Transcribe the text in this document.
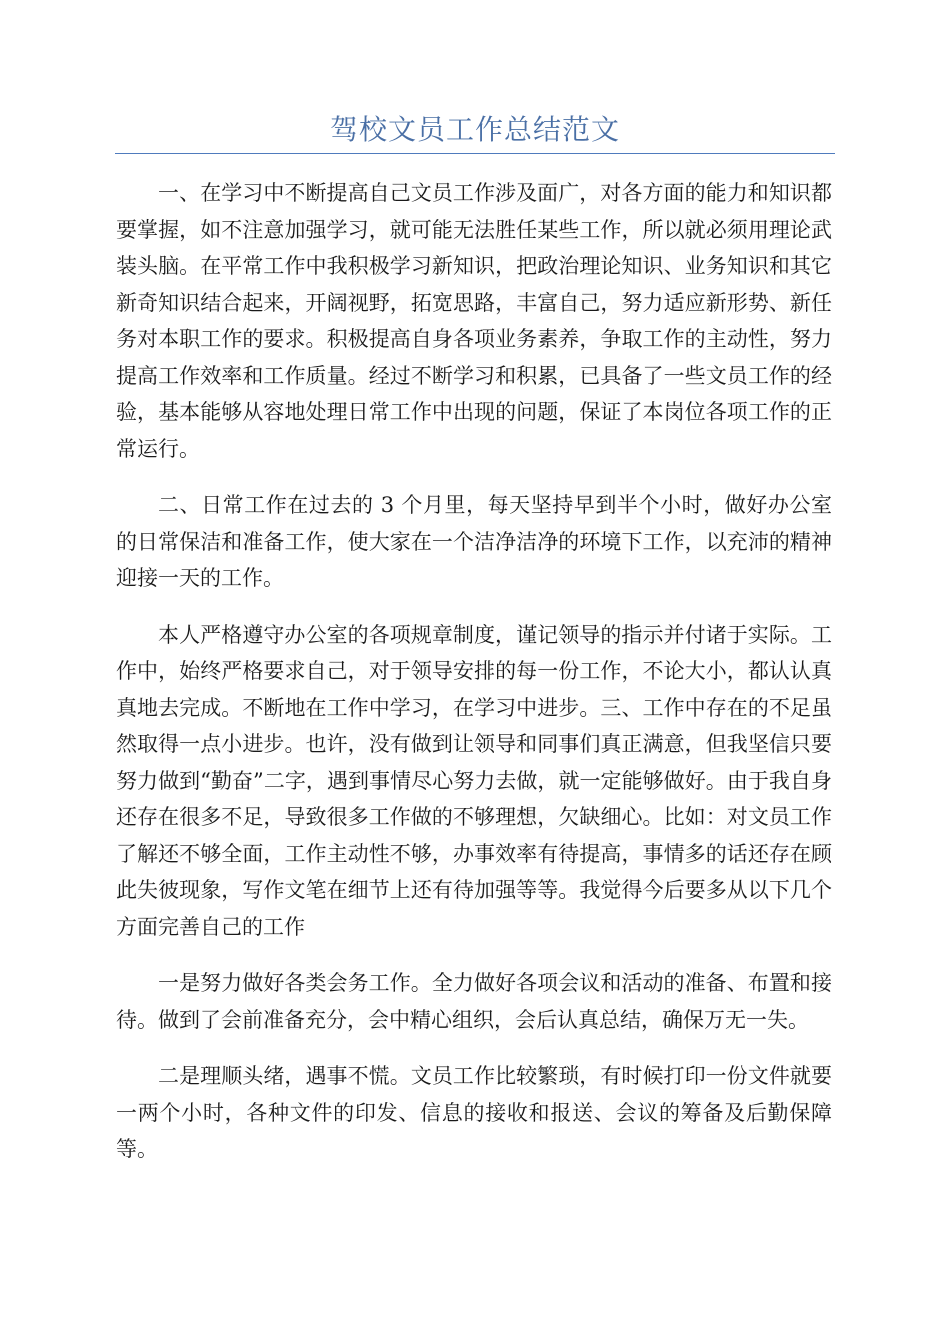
驾校文员工作总结范文

一、在学习中不断提高自己文员工作涉及面广，对各方面的能力和知识都要掌握，如不注意加强学习，就可能无法胜任某些工作，所以就必须用理论武装头脑。在平常工作中我积极学习新知识，把政治理论知识、业务知识和其它新奇知识结合起来，开阔视野，拓宽思路，丰富自己，努力适应新形势、新任务对本职工作的要求。积极提高自身各项业务素养，争取工作的主动性，努力提高工作效率和工作质量。经过不断学习和积累，已具备了一些文员工作的经验，基本能够从容地处理日常工作中出现的问题，保证了本岗位各项工作的正常运行。

二、日常工作在过去的 3 个月里，每天坚持早到半个小时，做好办公室的日常保洁和准备工作，使大家在一个洁净洁净的环境下工作，以充沛的精神迎接一天的工作。

本人严格遵守办公室的各项规章制度，谨记领导的指示并付诸于实际。工作中，始终严格要求自己，对于领导安排的每一份工作，不论大小，都认认真真地去完成。不断地在工作中学习，在学习中进步。三、工作中存在的不足虽然取得一点小进步。也许，没有做到让领导和同事们真正满意，但我坚信只要努力做到“勤奋”二字，遇到事情尽心努力去做，就一定能够做好。由于我自身还存在很多不足，导致很多工作做的不够理想，欠缺细心。比如：对文员工作了解还不够全面，工作主动性不够，办事效率有待提高，事情多的话还存在顾此失彼现象，写作文笔在细节上还有待加强等等。我觉得今后要多从以下几个方面完善自己的工作

一是努力做好各类会务工作。全力做好各项会议和活动的准备、布置和接待。做到了会前准备充分，会中精心组织，会后认真总结，确保万无一失。

二是理顺头绪，遇事不慌。文员工作比较繁琐，有时候打印一份文件就要一两个小时，各种文件的印发、信息的接收和报送、会议的筹备及后勤保障等。
